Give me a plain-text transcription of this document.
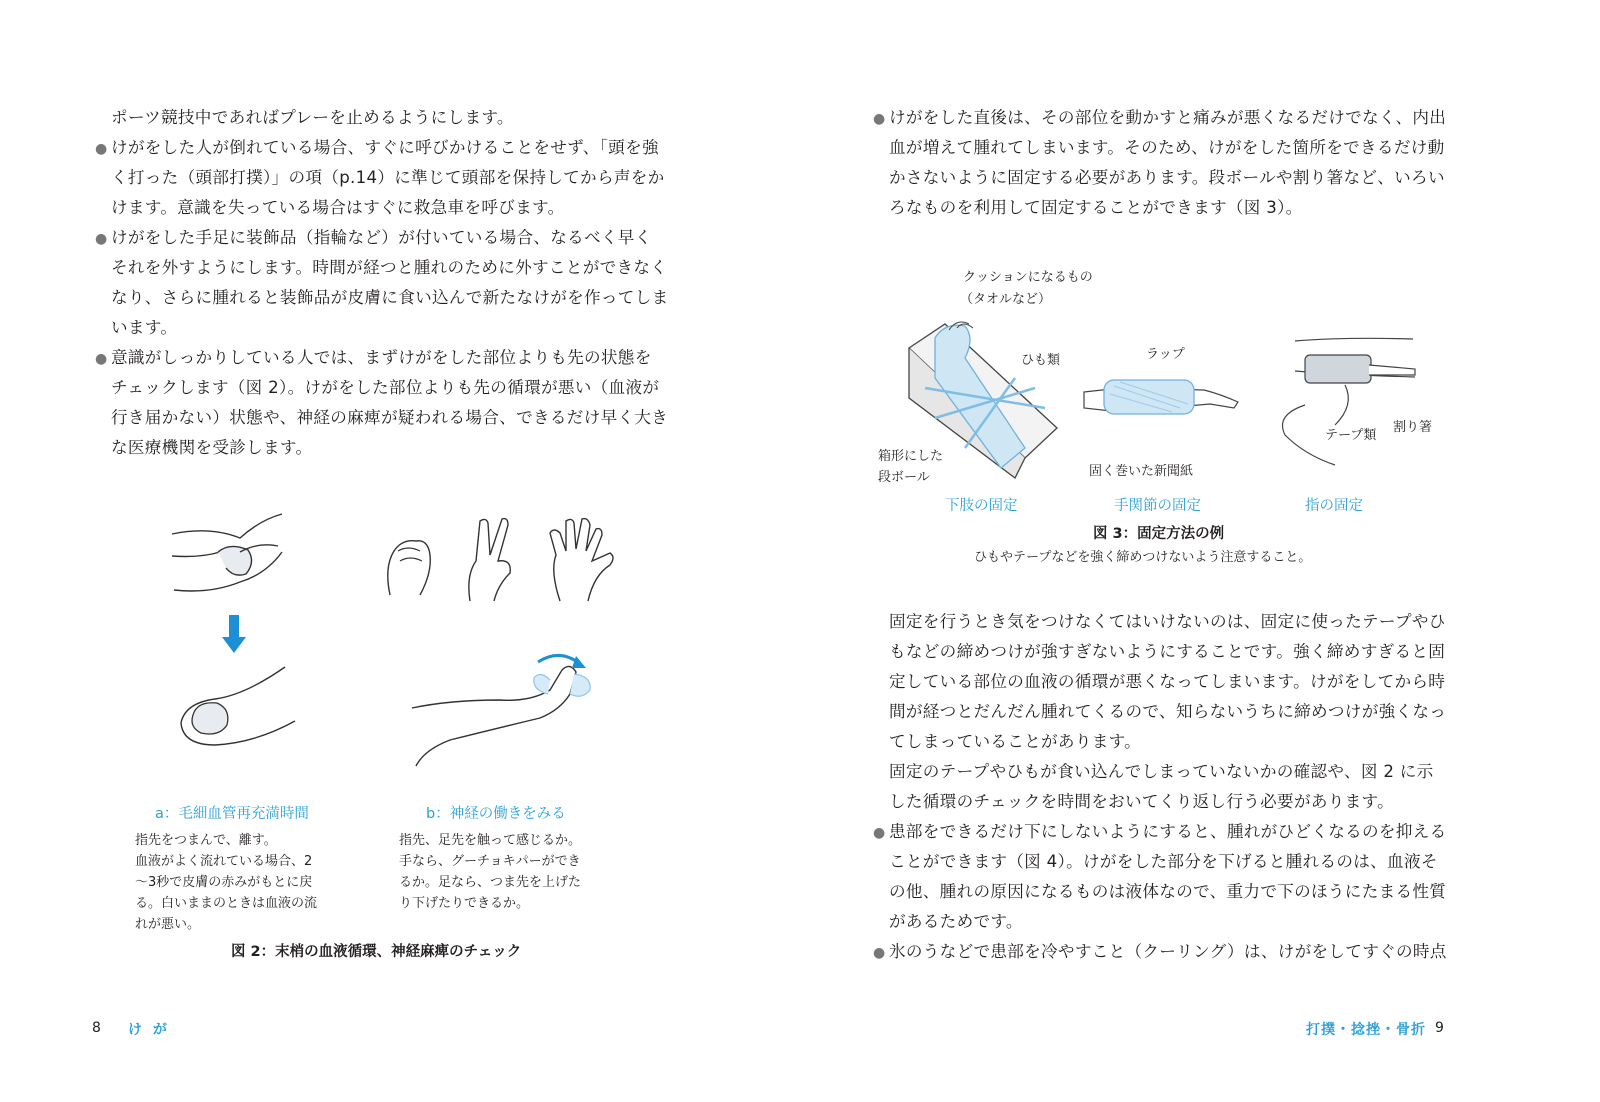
ポーツ競技中であればプレーを止めるようにします。
● けがをした人が倒れている場合、すぐに呼びかけることをせず、「頭を強
く打った（頭部打撲）」の項（p.14）に準じて頭部を保持してから声をか
けます。意識を失っている場合はすぐに救急車を呼びます。
● けがをした手足に装飾品（指輪など）が付いている場合、なるべく早く
それを外すようにします。時間が経つと腫れのために外すことができなく
なり、さらに腫れると装飾品が皮膚に食い込んで新たなけがを作ってしま
います。
● 意識がしっかりしている人では、まずけがをした部位よりも先の状態を
チェックします（図 2）。けがをした部位よりも先の循環が悪い（血液が
行き届かない）状態や、神経の麻痺が疑われる場合、できるだけ早く大き
な医療機関を受診します。
a：毛細血管再充満時間
指先をつまんで、離す。
血液がよく流れている場合、2
〜3秒で皮膚の赤みがもとに戻
る。白いままのときは血液の流
れが悪い。
b：神経の働きをみる
指先、足先を触って感じるか。
手なら、グーチョキパーができ
るか。足なら、つま先を上げた
り下げたりできるか。
図 2：末梢の血液循環、神経麻痺のチェック
8 け が
● けがをした直後は、その部位を動かすと痛みが悪くなるだけでなく、内出
血が増えて腫れてしまいます。そのため、けがをした箇所をできるだけ動
かさないように固定する必要があります。段ボールや割り箸など、いろい
ろなものを利用して固定することができます（図 3）。
クッションになるもの
（タオルなど）
ひも類
箱形にした
段ボール
ラップ
固く巻いた新聞紙
テープ類
割り箸
下肢の固定	手関節の固定	指の固定
図 3：固定方法の例
ひもやテープなどを強く締めつけないよう注意すること。
固定を行うとき気をつけなくてはいけないのは、固定に使ったテープやひ
もなどの締めつけが強すぎないようにすることです。強く締めすぎると固
定している部位の血液の循環が悪くなってしまいます。けがをしてから時
間が経つとだんだん腫れてくるので、知らないうちに締めつけが強くなっ
てしまっていることがあります。
固定のテープやひもが食い込んでしまっていないかの確認や、図 2 に示
した循環のチェックを時間をおいてくり返し行う必要があります。
● 患部をできるだけ下にしないようにすると、腫れがひどくなるのを抑える
ことができます（図 4）。けがをした部分を下げると腫れるのは、血液そ
の他、腫れの原因になるものは液体なので、重力で下のほうにたまる性質
があるためです。
● 氷のうなどで患部を冷やすこと（クーリング）は、けがをしてすぐの時点
打撲・捻挫・骨折 9
